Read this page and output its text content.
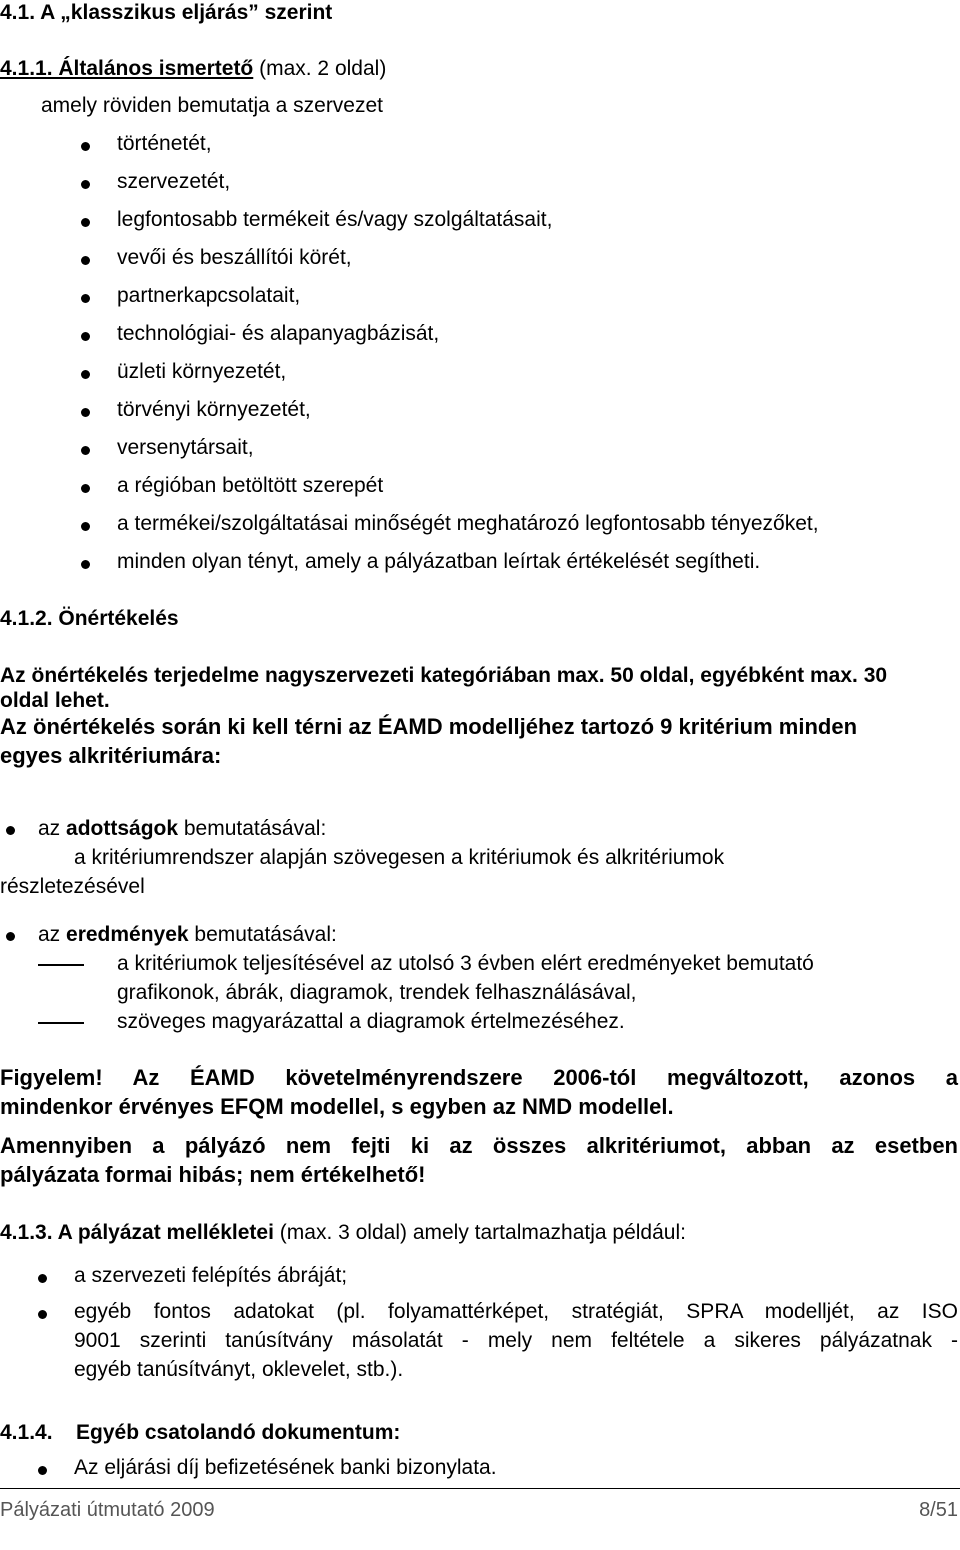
4.1. A „klasszikus eljárás” szerint
4.1.1. Általános ismertető (max. 2 oldal)
amely röviden bemutatja a szervezet
történetét,
szervezetét,
legfontosabb termékeit és/vagy szolgáltatásait,
vevői és beszállítói körét,
partnerkapcsolatait,
technológiai- és alapanyagbázisát,
üzleti környezetét,
törvényi környezetét,
versenytársait,
a régióban betöltött szerepét
a termékei/szolgáltatásai minőségét meghatározó legfontosabb tényezőket,
minden olyan tényt, amely a pályázatban leírtak értékelését segítheti.
4.1.2. Önértékelés
Az önértékelés terjedelme nagyszervezeti kategóriában max. 50 oldal, egyébként max. 30
oldal lehet.
Az önértékelés során ki kell térni az ÉAMD modelljéhez tartozó 9 kritérium minden
egyes alkritériumára:
az adottságok bemutatásával:
a kritériumrendszer alapján szövegesen a kritériumok és alkritériumok
részletezésével
az eredmények bemutatásával:
a kritériumok teljesítésével az utolsó 3 évben elért eredményeket bemutató
grafikonok, ábrák, diagramok, trendek felhasználásával,
szöveges magyarázattal a diagramok értelmezéséhez.
Figyelem! Az ÉAMD követelményrendszere 2006-tól megváltozott, azonos a
mindenkor érvényes EFQM modellel, s egyben az NMD modellel.
Amennyiben a pályázó nem fejti ki az összes alkritériumot, abban az esetben
pályázata formai hibás; nem értékelhető!
4.1.3. A pályázat mellékletei (max. 3 oldal) amely tartalmazhatja például:
a szervezeti felépítés ábráját;
egyéb fontos adatokat (pl. folyamattérképet, stratégiát, SPRA modelljét, az ISO
9001 szerinti tanúsítvány másolatát - mely nem feltétele a sikeres pályázatnak -
egyéb tanúsítványt, oklevelet, stb.).
4.1.4. Egyéb csatolandó dokumentum:
Az eljárási díj befizetésének banki bizonylata.
Pályázati útmutató 2009	8/51
